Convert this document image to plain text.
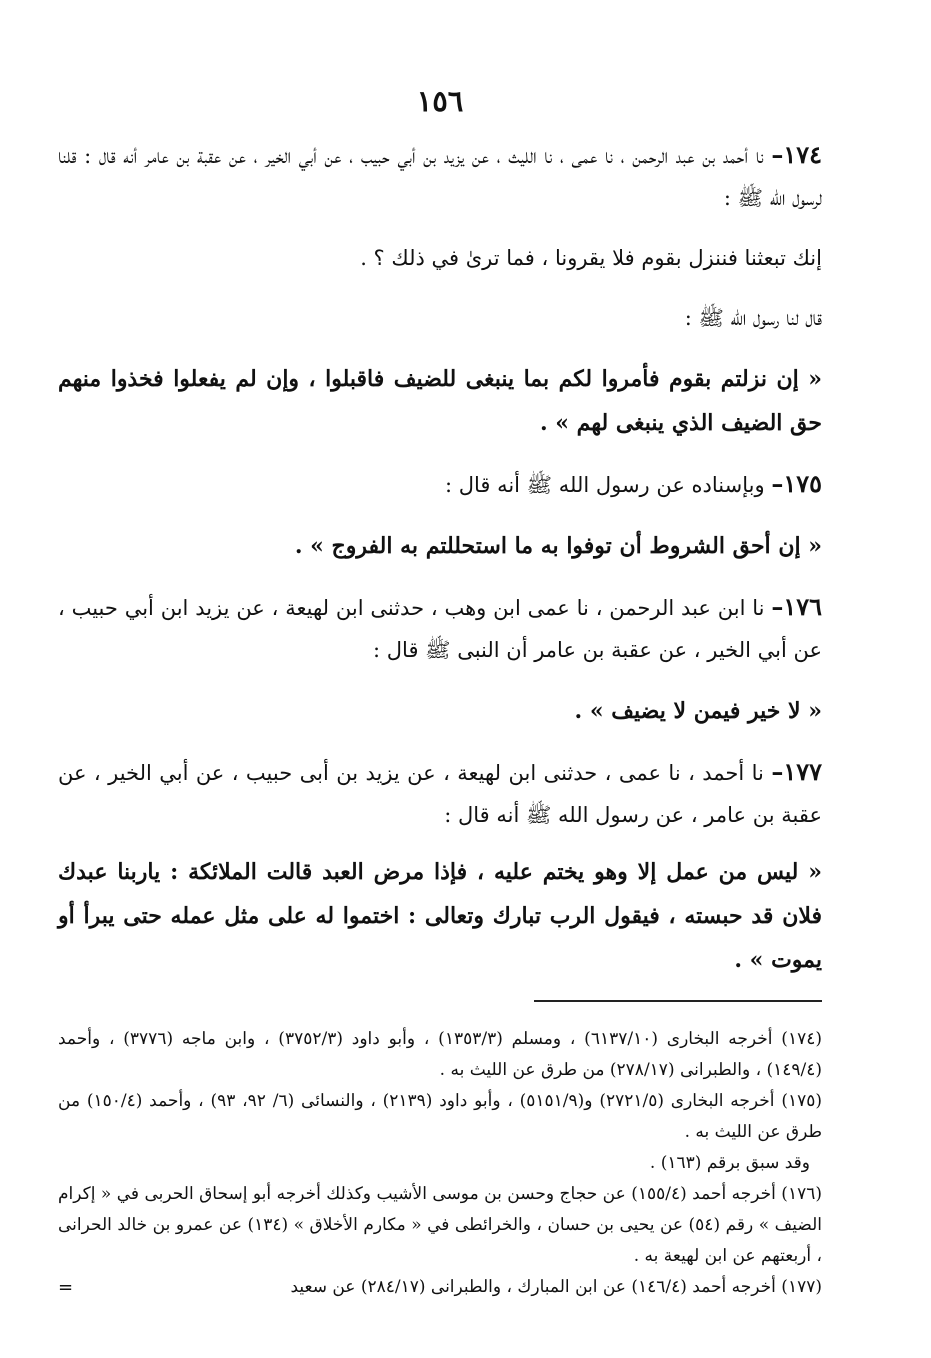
١٥٦
١٧٤– نا أحمد بن عبد الرحمن ، نا عمى ، نا الليث ، عن يزيد بن أبي حبيب ، عن أبي الخير ، عن عقبة بن عامر أنه قال : قلنا لرسول الله ﷺ :
إنك تبعثنا فننزل بقوم فلا يقرونا ، فما ترىٰ في ذلك ؟ .
قال لنا رسول الله ﷺ :
« إن نزلتم بقوم فأمروا لكم بما ينبغى للضيف فاقبلوا ، وإن لم يفعلوا فخذوا منهم حق الضيف الذي ينبغى لهم » .
١٧٥– وبإسناده عن رسول الله ﷺ أنه قال :
« إن أحق الشروط أن توفوا به ما استحللتم به الفروج » .
١٧٦– نا ابن عبد الرحمن ، نا عمى ابن وهب ، حدثنى ابن لهيعة ، عن يزيد ابن أبي حبيب ، عن أبي الخير ، عن عقبة بن عامر أن النبى ﷺ قال :
« لا خير فيمن لا يضيف » .
١٧٧– نا أحمد ، نا عمى ، حدثنى ابن لهيعة ، عن يزيد بن أبى حبيب ، عن أبي الخير ، عن عقبة بن عامر ، عن رسول الله ﷺ أنه قال :
« ليس من عمل إلا وهو يختم عليه ، فإذا مرض العبد قالت الملائكة : ياربنا عبدك فلان قد حبسته ، فيقول الرب تبارك وتعالى : اختموا له على مثل عمله حتى يبرأ أو يموت » .

(١٧٤) أخرجه البخارى (٦١٣٧/١٠) ، ومسلم (١٣٥٣/٣) ، وأبو داود (٣٧٥٢/٣) ، وابن ماجه (٣٧٧٦) ، وأحمد (١٤٩/٤) ، والطبرانى (٢٧٨/١٧) من طرق عن الليث به .

(١٧٥) أخرجه البخارى (٢٧٢١/٥) و(٥١٥١/٩) ، وأبو داود (٢١٣٩) ، والنسائى (٦/ ٩٢، ٩٣) ، وأحمد (١٥٠/٤) من طرق عن الليث به .

وقد سبق برقم (١٦٣) .

(١٧٦) أخرجه أحمد (١٥٥/٤) عن حجاج وحسن بن موسى الأشيب وكذلك أخرجه أبو إسحاق الحربى في « إكرام الضيف » رقم (٥٤) عن يحيى بن حسان ، والخرائطى في « مكارم الأخلاق » (١٣٤) عن عمرو بن خالد الحرانى ، أربعتهم عن ابن لهيعة به .

(١٧٧) أخرجه أحمد (١٤٦/٤) عن ابن المبارك ، والطبرانى (٢٨٤/١٧) عن سعيد
=
